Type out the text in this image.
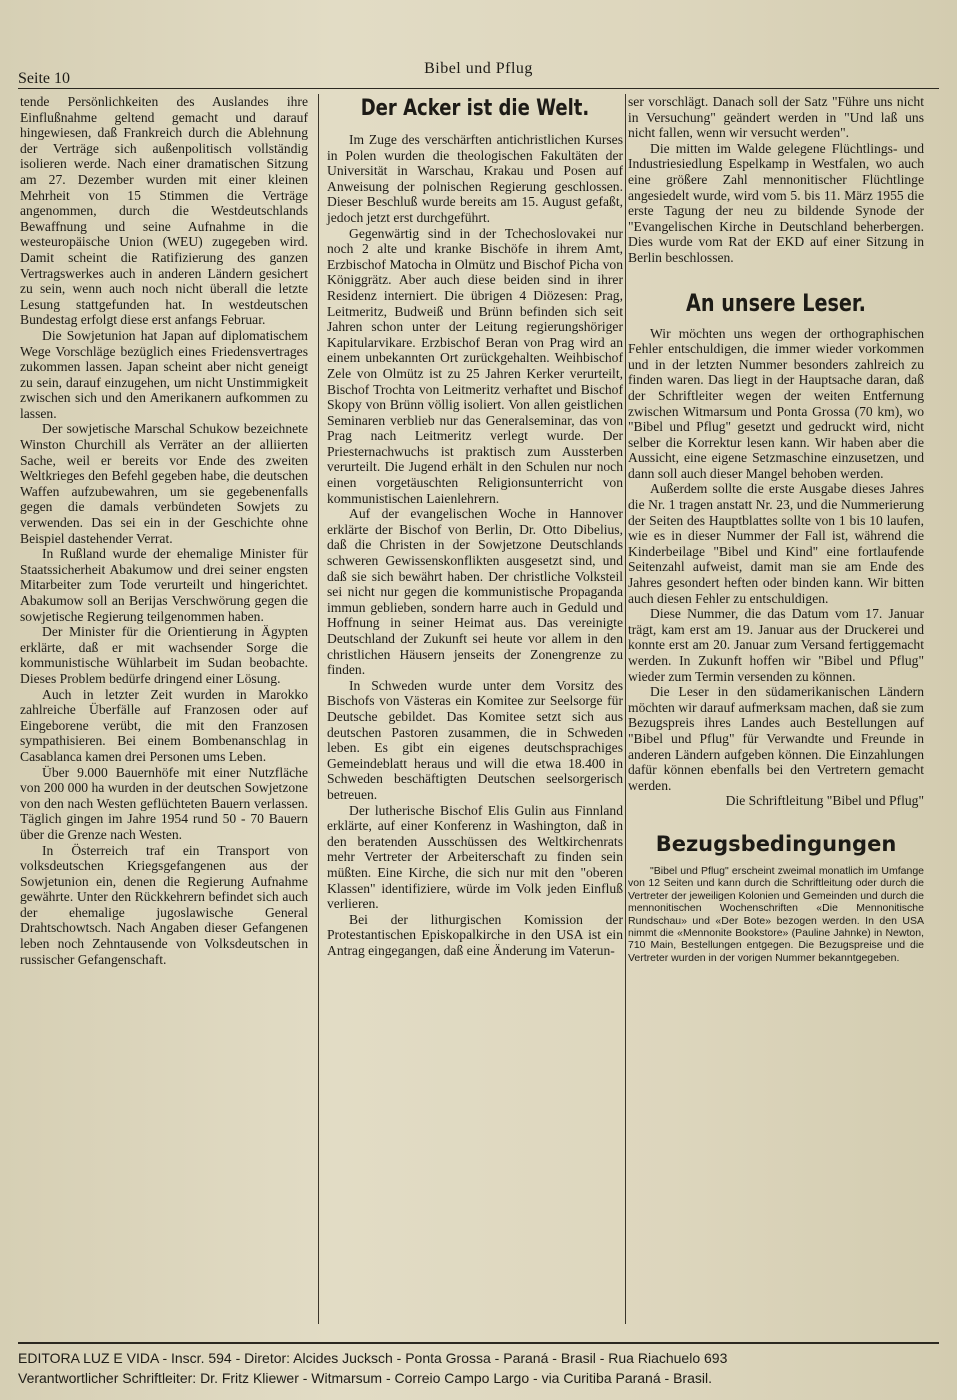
Seite 10
Bibel und Pflug

tende Persönlichkeiten des Auslandes ihre Einflußnahme geltend gemacht und darauf hingewiesen, daß Frankreich durch die Ablehnung der Verträge sich außenpolitisch vollständig isolieren werde. Nach einer dramatischen Sitzung am 27. Dezember wurden mit einer kleinen Mehrheit von 15 Stimmen die Verträge angenommen, durch die Westdeutschlands Bewaffnung und seine Aufnahme in die westeuropäische Union (WEU) zugegeben wird. Damit scheint die Ratifizierung des ganzen Vertragswerkes auch in anderen Ländern gesichert zu sein, wenn auch noch nicht überall die letzte Lesung stattgefunden hat. In westdeutschen Bundestag erfolgt diese erst anfangs Februar.

Die Sowjetunion hat Japan auf diplomatischem Wege Vorschläge bezüglich eines Friedensvertrages zukommen lassen. Japan scheint aber nicht geneigt zu sein, darauf einzugehen, um nicht Unstimmigkeit zwischen sich und den Amerikanern aufkommen zu lassen.

Der sowjetische Marschal Schukow bezeichnete Winston Churchill als Verräter an der alliierten Sache, weil er bereits vor Ende des zweiten Weltkrieges den Befehl gegeben habe, die deutschen Waffen aufzubewahren, um sie gegebenenfalls gegen die damals verbündeten Sowjets zu verwenden. Das sei ein in der Geschichte ohne Beispiel dastehender Verrat.

In Rußland wurde der ehemalige Minister für Staatssicherheit Abakumow und drei seiner engsten Mitarbeiter zum Tode verurteilt und hingerichtet. Abakumow soll an Berijas Verschwörung gegen die sowjetische Regierung teilgenommen haben.

Der Minister für die Orientierung in Ägypten erklärte, daß er mit wachsender Sorge die kommunistische Wühlarbeit im Sudan beobachte. Dieses Problem bedürfe dringend einer Lösung.

Auch in letzter Zeit wurden in Marokko zahlreiche Überfälle auf Franzosen oder auf Eingeborene verübt, die mit den Franzosen sympathisieren. Bei einem Bombenanschlag in Casablanca kamen drei Personen ums Leben.

Über 9.000 Bauernhöfe mit einer Nutzfläche von 200 000 ha wurden in der deutschen Sowjetzone von den nach Westen geflüchteten Bauern verlassen. Täglich gingen im Jahre 1954 rund 50 - 70 Bauern über die Grenze nach Westen.

In Österreich traf ein Transport von volksdeutschen Kriegsgefangenen aus der Sowjetunion ein, denen die Regierung Aufnahme gewährte. Unter den Rückkehrern befindet sich auch der ehemalige jugoslawische General Drahtschowtsch. Nach Angaben dieser Gefangenen leben noch Zehntausende von Volksdeutschen in russischer Gefangenschaft.

Der Acker ist die Welt.

Im Zuge des verschärften antichristlichen Kurses in Polen wurden die theologischen Fakultäten der Universität in Warschau, Krakau und Posen auf Anweisung der polnischen Regierung geschlossen. Dieser Beschluß wurde bereits am 15. August gefaßt, jedoch jetzt erst durchgeführt.

Gegenwärtig sind in der Tchechoslovakei nur noch 2 alte und kranke Bischöfe in ihrem Amt, Erzbischof Matocha in Olmütz und Bischof Picha von Königgrätz. Aber auch diese beiden sind in ihrer Residenz interniert. Die übrigen 4 Diözesen: Prag, Leitmeritz, Budweiß und Brünn befinden sich seit Jahren schon unter der Leitung regierungshöriger Kapitularvikare. Erzbischof Beran von Prag wird an einem unbekannten Ort zurückgehalten. Weihbischof Zele von Olmütz ist zu 25 Jahren Kerker verurteilt, Bischof Trochta von Leitmeritz verhaftet und Bischof Skopy von Brünn völlig isoliert. Von allen geistlichen Seminaren verblieb nur das Generalseminar, das von Prag nach Leitmeritz verlegt wurde. Der Priesternachwuchs ist praktisch zum Aussterben verurteilt. Die Jugend erhält in den Schulen nur noch einen vorgetäuschten Religionsunterricht von kommunistischen Laienlehrern.

Auf der evangelischen Woche in Hannover erklärte der Bischof von Berlin, Dr. Otto Dibelius, daß die Christen in der Sowjetzone Deutschlands schweren Gewissenskonflikten ausgesetzt sind, und daß sie sich bewährt haben. Der christliche Volksteil sei nicht nur gegen die kommunistische Propaganda immun geblieben, sondern harre auch in Geduld und Hoffnung in seiner Heimat aus. Das vereinigte Deutschland der Zukunft sei heute vor allem in den christlichen Häusern jenseits der Zonengrenze zu finden.

In Schweden wurde unter dem Vorsitz des Bischofs von Västeras ein Komitee zur Seelsorge für Deutsche gebildet. Das Komitee setzt sich aus deutschen Pastoren zusammen, die in Schweden leben. Es gibt ein eigenes deutschsprachiges Gemeindeblatt heraus und will die etwa 18.400 in Schweden beschäftigten Deutschen seelsorgerisch betreuen.

Der lutherische Bischof Elis Gulin aus Finnland erklärte, auf einer Konferenz in Washington, daß in den beratenden Ausschüssen des Weltkirchenrats mehr Vertreter der Arbeiterschaft zu finden sein müßten. Eine Kirche, die sich nur mit den "oberen Klassen" identifiziere, würde im Volk jeden Einfluß verlieren.

Bei der lithurgischen Komission der Protestantischen Episkopalkirche in den USA ist ein Antrag eingegangen, daß eine Änderung im Vaterun-

ser vorschlägt. Danach soll der Satz "Führe uns nicht in Versuchung" geändert werden in "Und laß uns nicht fallen, wenn wir versucht werden".

Die mitten im Walde gelegene Flüchtlings- und Industriesiedlung Espelkamp in Westfalen, wo auch eine größere Zahl mennonitischer Flüchtlinge angesiedelt wurde, wird vom 5. bis 11. März 1955 die erste Tagung der neu zu bildende Synode der "Evangelischen Kirche in Deutschland beherbergen. Dies wurde vom Rat der EKD auf einer Sitzung in Berlin beschlossen.

An unsere Leser.

Wir möchten uns wegen der orthographischen Fehler entschuldigen, die immer wieder vorkommen und in der letzten Nummer besonders zahlreich zu finden waren. Das liegt in der Hauptsache daran, daß der Schriftleiter wegen der weiten Entfernung zwischen Witmarsum und Ponta Grossa (70 km), wo "Bibel und Pflug" gesetzt und gedruckt wird, nicht selber die Korrektur lesen kann. Wir haben aber die Aussicht, eine eigene Setzmaschine einzusetzen, und dann soll auch dieser Mangel behoben werden.

Außerdem sollte die erste Ausgabe dieses Jahres die Nr. 1 tragen anstatt Nr. 23, und die Nummerierung der Seiten des Hauptblattes sollte von 1 bis 10 laufen, wie es in dieser Nummer der Fall ist, während die Kinderbeilage "Bibel und Kind" eine fortlaufende Seitenzahl aufweist, damit man sie am Ende des Jahres gesondert heften oder binden kann. Wir bitten auch diesen Fehler zu entschuldigen.

Diese Nummer, die das Datum vom 17. Januar trägt, kam erst am 19. Januar aus der Druckerei und konnte erst am 20. Januar zum Versand fertiggemacht werden. In Zukunft hoffen wir "Bibel und Pflug" wieder zum Termin versenden zu können.

Die Leser in den südamerikanischen Ländern möchten wir darauf aufmerksam machen, daß sie zum Bezugspreis ihres Landes auch Bestellungen auf "Bibel und Pflug" für Verwandte und Freunde in anderen Ländern aufgeben können. Die Einzahlungen dafür können ebenfalls bei den Vertretern gemacht werden.

Die Schriftleitung "Bibel und Pflug"

Bezugsbedingungen

"Bibel und Pflug" erscheint zweimal monatlich im Umfange von 12 Seiten und kann durch die Schriftleitung oder durch die Vertreter der jeweiligen Kolonien und Gemeinden und durch die mennonitischen Wochenschriften «Die Mennonitische Rundschau» und «Der Bote» bezogen werden. In den USA nimmt die «Mennonite Bookstore» (Pauline Jahnke) in Newton, 710 Main, Bestellungen entgegen. Die Bezugspreise und die Vertreter wurden in der vorigen Nummer bekanntgegeben.

EDITORA LUZ E VIDA - Inscr. 594 - Diretor: Alcides Jucksch - Ponta Grossa - Paraná - Brasil - Rua Riachuelo 693
Verantwortlicher Schriftleiter: Dr. Fritz Kliewer - Witmarsum - Correio Campo Largo - via Curitiba Paraná - Brasil.
